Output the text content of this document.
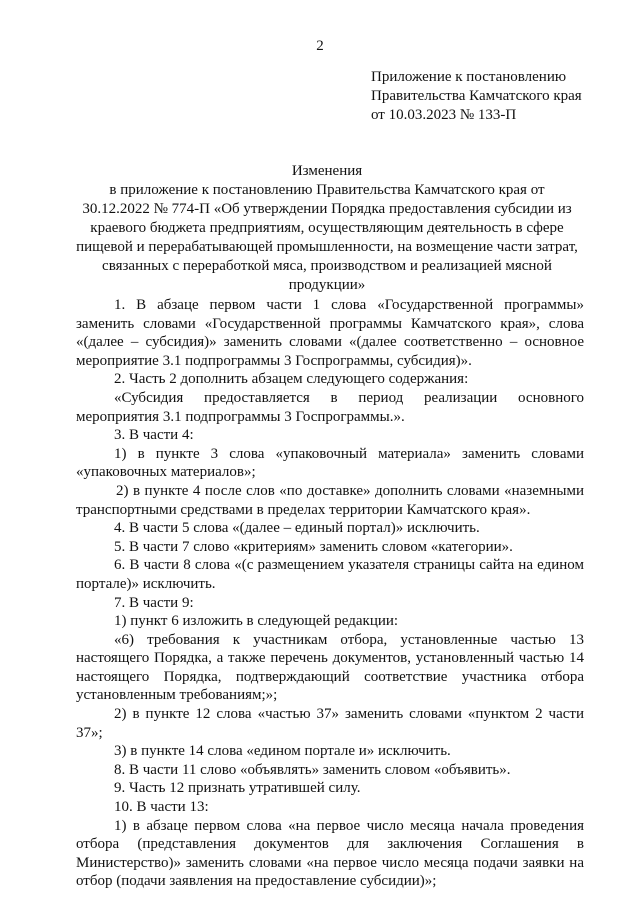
2
Приложение к постановлению
Правительства Камчатского края
от 10.03.2023 № 133-П
Изменения
в приложение к постановлению Правительства Камчатского края от 30.12.2022 № 774-П «Об утверждении Порядка предоставления субсидии из краевого бюджета предприятиям, осуществляющим деятельность в сфере пищевой и перерабатывающей промышленности, на возмещение части затрат, связанных с переработкой мяса, производством и реализацией мясной продукции»

1. В абзаце первом части 1 слова «Государственной программы» заменить словами «Государственной программы Камчатского края», слова «(далее – субсидия)» заменить словами «(далее соответственно – основное мероприятие 3.1 подпрограммы 3 Госпрограммы, субсидия)».

2. Часть 2 дополнить абзацем следующего содержания:

«Субсидия предоставляется в период реализации основного мероприятия 3.1 подпрограммы 3 Госпрограммы.».

3. В части 4:

1) в пункте 3 слова «упаковочный материала» заменить словами «упаковочных материалов»;

2) в пункте 4 после слов «по доставке» дополнить словами «наземными транспортными средствами в пределах территории Камчатского края».

4. В части 5 слова «(далее – единый портал)» исключить.

5. В части 7 слово «критериям» заменить словом «категории».

6. В части 8 слова «(с размещением указателя страницы сайта на едином портале)» исключить.

7. В части 9:

1) пункт 6 изложить в следующей редакции:

«6) требования к участникам отбора, установленные частью 13 настоящего Порядка, а также перечень документов, установленный частью 14 настоящего Порядка, подтверждающий соответствие участника отбора установленным требованиям;»;

2) в пункте 12 слова «частью 37» заменить словами «пунктом 2 части 37»;

3) в пункте 14 слова «едином портале и» исключить.

8. В части 11 слово «объявлять» заменить словом «объявить».

9. Часть 12 признать утратившей силу.

10. В части 13:

1) в абзаце первом слова «на первое число месяца начала проведения отбора (представления документов для заключения Соглашения в Министерство)» заменить словами «на первое число месяца подачи заявки на отбор (подачи заявления на предоставление субсидии)»;
